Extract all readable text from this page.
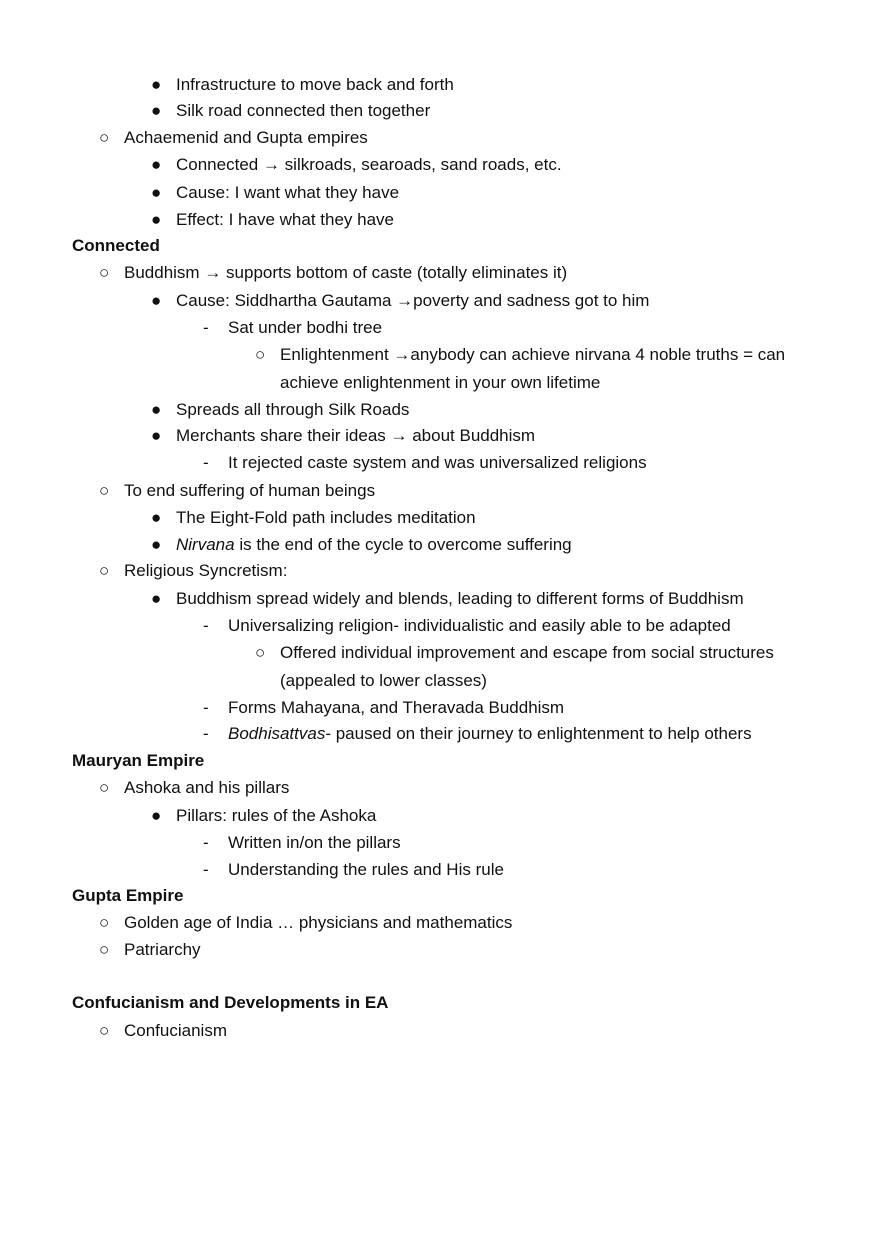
● Infrastructure to move back and forth
● Silk road connected then together
○ Achaemenid and Gupta empires
● Connected → silkroads, searoads, sand roads, etc.
● Cause: I want what they have
● Effect: I have what they have
Connected
○ Buddhism → supports bottom of caste (totally eliminates it)
● Cause: Siddhartha Gautama →poverty and sadness got to him
- Sat under bodhi tree
○ Enlightenment →anybody can achieve nirvana 4 noble truths = can
achieve enlightenment in your own lifetime
● Spreads all through Silk Roads
● Merchants share their ideas → about Buddhism
- It rejected caste system and was universalized religions
○ To end suffering of human beings
● The Eight-Fold path includes meditation
● Nirvana is the end of the cycle to overcome suffering
○ Religious Syncretism:
● Buddhism spread widely and blends, leading to different forms of Buddhism
- Universalizing religion- individualistic and easily able to be adapted
○ Offered individual improvement and escape from social structures
(appealed to lower classes)
- Forms Mahayana, and Theravada Buddhism
- Bodhisattvas- paused on their journey to enlightenment to help others
Mauryan Empire
○ Ashoka and his pillars
● Pillars: rules of the Ashoka
- Written in/on the pillars
- Understanding the rules and His rule
Gupta Empire
○ Golden age of India … physicians and mathematics
○ Patriarchy
Confucianism and Developments in EA
○ Confucianism
